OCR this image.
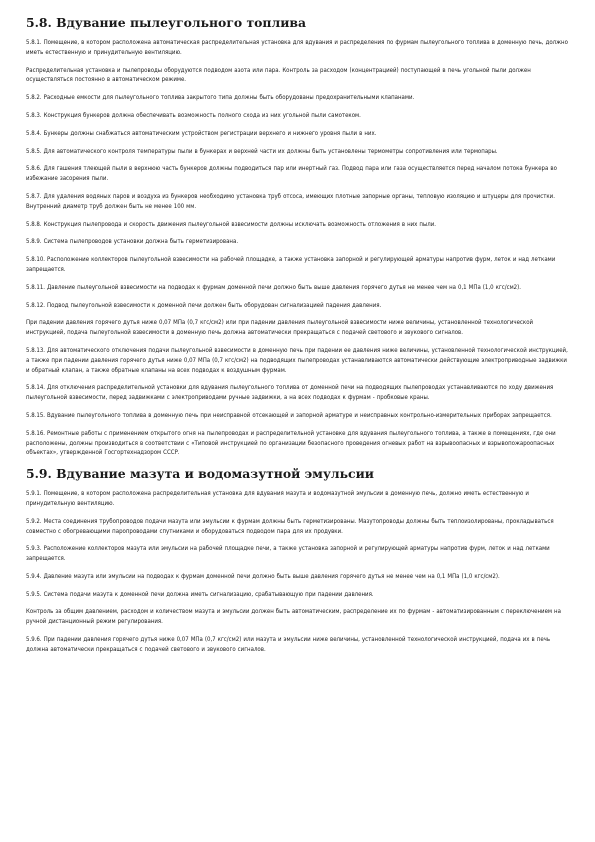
5.8. Вдувание пылеугольного топлива

5.8.1. Помещение, в котором расположена автоматическая распределительная установка для вдувания и распределения по фурмам пылеугольного топлива в доменную печь, должно иметь естественную и принудительную вентиляцию.

Распределительная установка и пылепроводы оборудуются подводом азота или пара. Контроль за расходом (концентрацией) поступающей в печь угольной пыли должен осуществляться постоянно в автоматическом режиме.

5.8.2. Расходные емкости для пылеугольного топлива закрытого типа должны быть оборудованы предохранительными клапанами.

5.8.3. Конструкция бункеров должна обеспечивать возможность полного схода из них угольной пыли самотеком.

5.8.4. Бункеры должны снабжаться автоматическим устройством регистрации верхнего и нижнего уровня пыли в них.

5.8.5. Для автоматического контроля температуры пыли в бункерах и верхней части их должны быть установлены термометры сопротивления или термопары.

5.8.6. Для гашения тлеющей пыли в верхнюю часть бункеров должны подводиться пар или инертный газ. Подвод пара или газа осуществляется перед началом потока бункера во избежание засорения пыли.

5.8.7. Для удаления водяных паров и воздуха из бункеров необходимо установка труб отсоса, имеющих плотные запорные органы, тепловую изоляцию и штуцеры для прочистки. Внутренний диаметр труб должен быть не менее 100 мм.

5.8.8. Конструкция пылепровода и скорость движения пылеугольной взвесимости должны исключать возможность отложения в них пыли.

5.8.9. Система пылепроводов установки должна быть герметизирована.

5.8.10. Расположение коллекторов пылеугольной взвесимости на рабочей площадке, а также установка запорной и регулирующей арматуры напротив фурм, леток и над летками запрещается.

5.8.11. Давление пылеугольной взвесимости на подводах к фурмам доменной печи должно быть выше давления горячего дутья не менее чем на 0,1 МПа (1,0 кгс/см2).

5.8.12. Подвод пылеугольной взвесимости к доменной печи должен быть оборудован сигнализацией падения давления.

При падении давления горячего дутья ниже 0,07 МПа (0,7 кгс/см2) или при падении давления пылеугольной взвесимости ниже величины, установленной технологической инструкцией, подача пылеугольной взвесимости в доменную печь должна автоматически прекращаться с подачей светового и звукового сигналов.

5.8.13. Для автоматического отключения подачи пылеугольной взвесимости в доменную печь при падении ее давления ниже величины, установленной технологической инструкцией, а также при падении давления горячего дутья ниже 0,07 МПа (0,7 кгс/см2) на подводящих пылепроводах устанавливаются автоматически действующие электроприводные задвижки и обратный клапан, а также обратные клапаны на всех подводах к воздушным фурмам.

5.8.14. Для отключения распределительной установки для вдувания пылеугольного топлива от доменной печи на подводящих пылепроводах устанавливаются по ходу движения пылеугольной взвесимости, перед задвижками с электроприводами ручные задвижки, а на всех подводах к фурмам - пробковые краны.

5.8.15. Вдувание пылеугольного топлива в доменную печь при неисправной отсекающей и запорной арматуре и неисправных контрольно-измерительных приборах запрещается.

5.8.16. Ремонтные работы с применением открытого огня на пылепроводах и распределительной установке для вдувания пылеугольного топлива, а также в помещениях, где они расположены, должны производиться в соответствии с «Типовой инструкцией по организации безопасного проведения огневых работ на взрывоопасных и взрывопожароопасных объектах», утвержденной Госгортехнадзором СССР.

5.9. Вдувание мазута и водомазутной эмульсии

5.9.1. Помещение, в котором расположена распределительная установка для вдувания мазута и водомазутной эмульсии в доменную печь, должно иметь естественную и принудительную вентиляцию.

5.9.2. Места соединения трубопроводов подачи мазута или эмульсии к фурмам должны быть герметизированы. Мазутопроводы должны быть теплоизолированы, прокладываться совместно с обогревающими паропроводами спутниками и оборудоваться подводом пара для их продувки.

5.9.3. Расположение коллекторов мазута или эмульсии на рабочей площадке печи, а также установка запорной и регулирующей арматуры напротив фурм, леток и над летками запрещается.

5.9.4. Давление мазута или эмульсии на подводах к фурмам доменной печи должно быть выше давления горячего дутья не менее чем на 0,1 МПа (1,0 кгс/см2).

5.9.5. Система подачи мазута к доменной печи должна иметь сигнализацию, срабатывающую при падении давления.

Контроль за общим давлением, расходом и количеством мазута и эмульсии должен быть автоматическим, распределение их по фурмам - автоматизированным с переключением на ручной дистанционный режим регулирования.

5.9.6. При падении давления горячего дутья ниже 0,07 МПа (0,7 кгс/см2) или мазута и эмульсии ниже величины, установленной технологической инструкцией, подача их в печь должна автоматически прекращаться с подачей светового и звукового сигналов.
